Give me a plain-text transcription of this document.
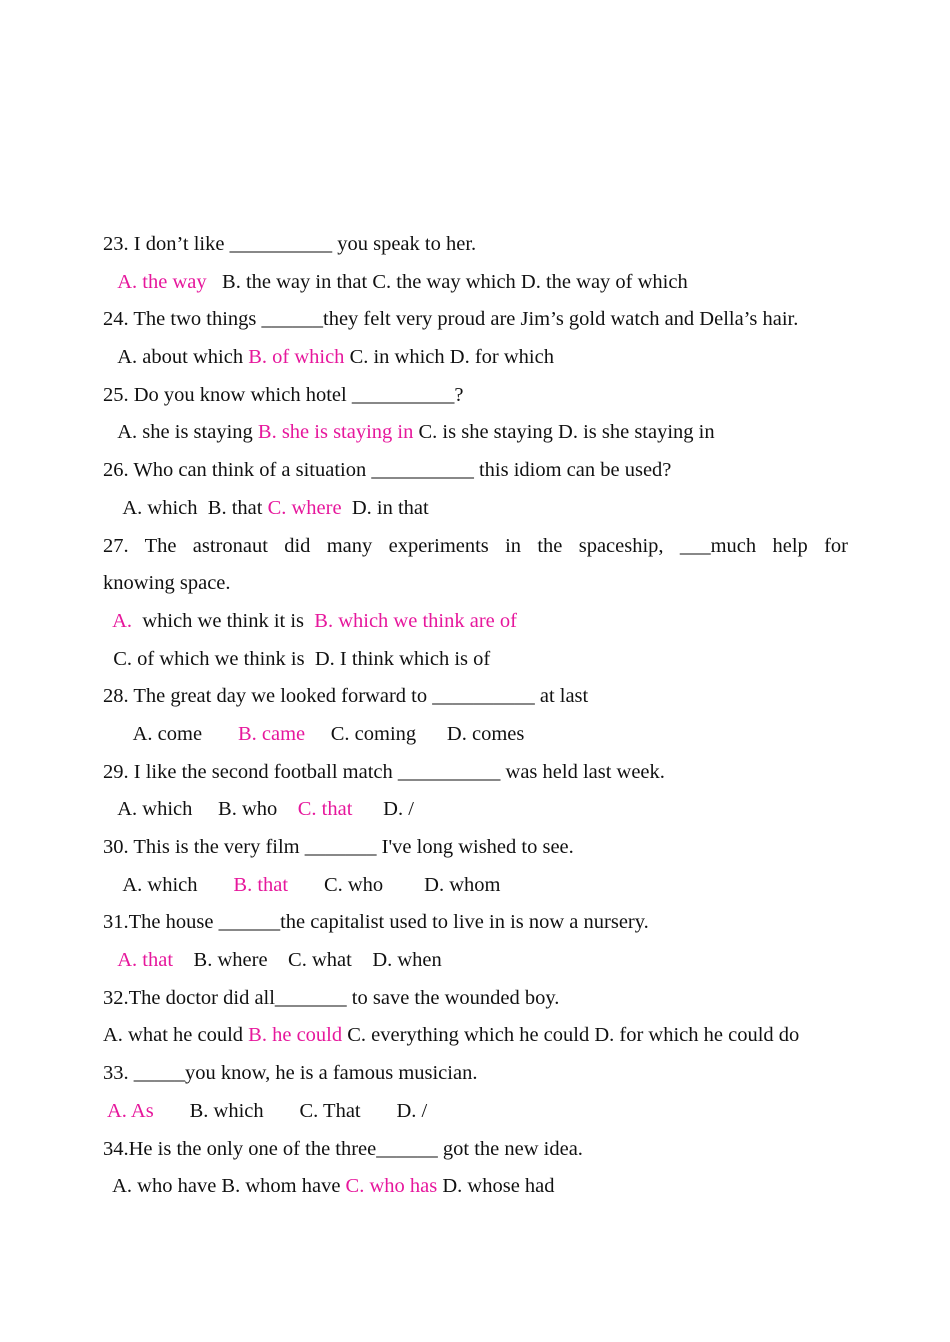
23. I don’t like __________ you speak to her.
A. the way   B. the way in that C. the way which D. the way of which
24. The two things ______they felt very proud are Jim’s gold watch and Della’s hair.
A. about which B. of which C. in which D. for which
25. Do you know which hotel __________?
A. she is staying B. she is staying in C. is she staying D. is she staying in
26. Who can think of a situation __________ this idiom can be used?
A. which  B. that C. where  D. in that
27. The astronaut did many experiments in the spaceship, ___much help for
knowing space.
A.  which we think it is  B. which we think are of
C. of which we think is  D. I think which is of
28. The great day we looked forward to __________ at last
A. come       B. came     C. coming      D. comes
29. I like the second football match __________ was held last week.
A. which     B. who    C. that      D. /
30. This is the very film _______ I've long wished to see.
A. which       B. that       C. who        D. whom
31.The house ______the capitalist used to live in is now a nursery.
A. that    B. where    C. what    D. when
32.The doctor did all_______ to save the wounded boy.
A. what he could B. he could C. everything which he could D. for which he could do
33. _____you know, he is a famous musician.
A. As       B. which       C. That       D. /
34.He is the only one of the three______ got the new idea.
A. who have B. whom have C. who has D. whose had
